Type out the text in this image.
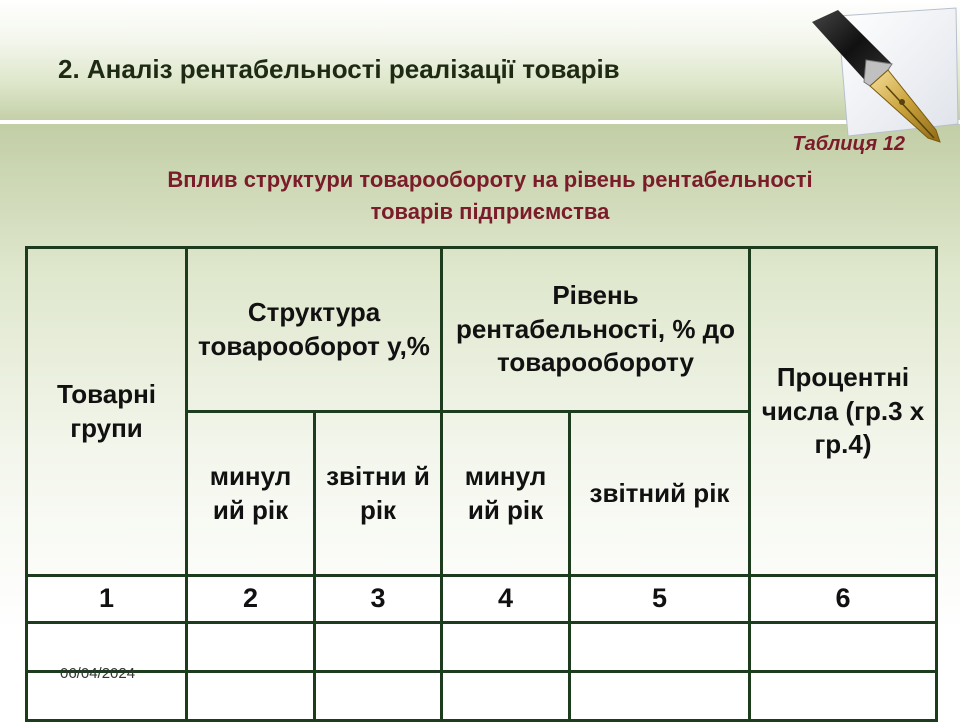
2. Аналіз рентабельності реалізації товарів
Таблиця 12
Вплив структури товарообороту на рівень рентабельності
товарів підприємства
Товарні групи	Структура товарооборот у,%		Рівень рентабельності, % до товарообороту		Процентні числа (гр.3 х гр.4)
	минул ий рік	звітни й рік	минул ий рік	звітний рік	
1	2	3	4	5	6

06/04/2024
